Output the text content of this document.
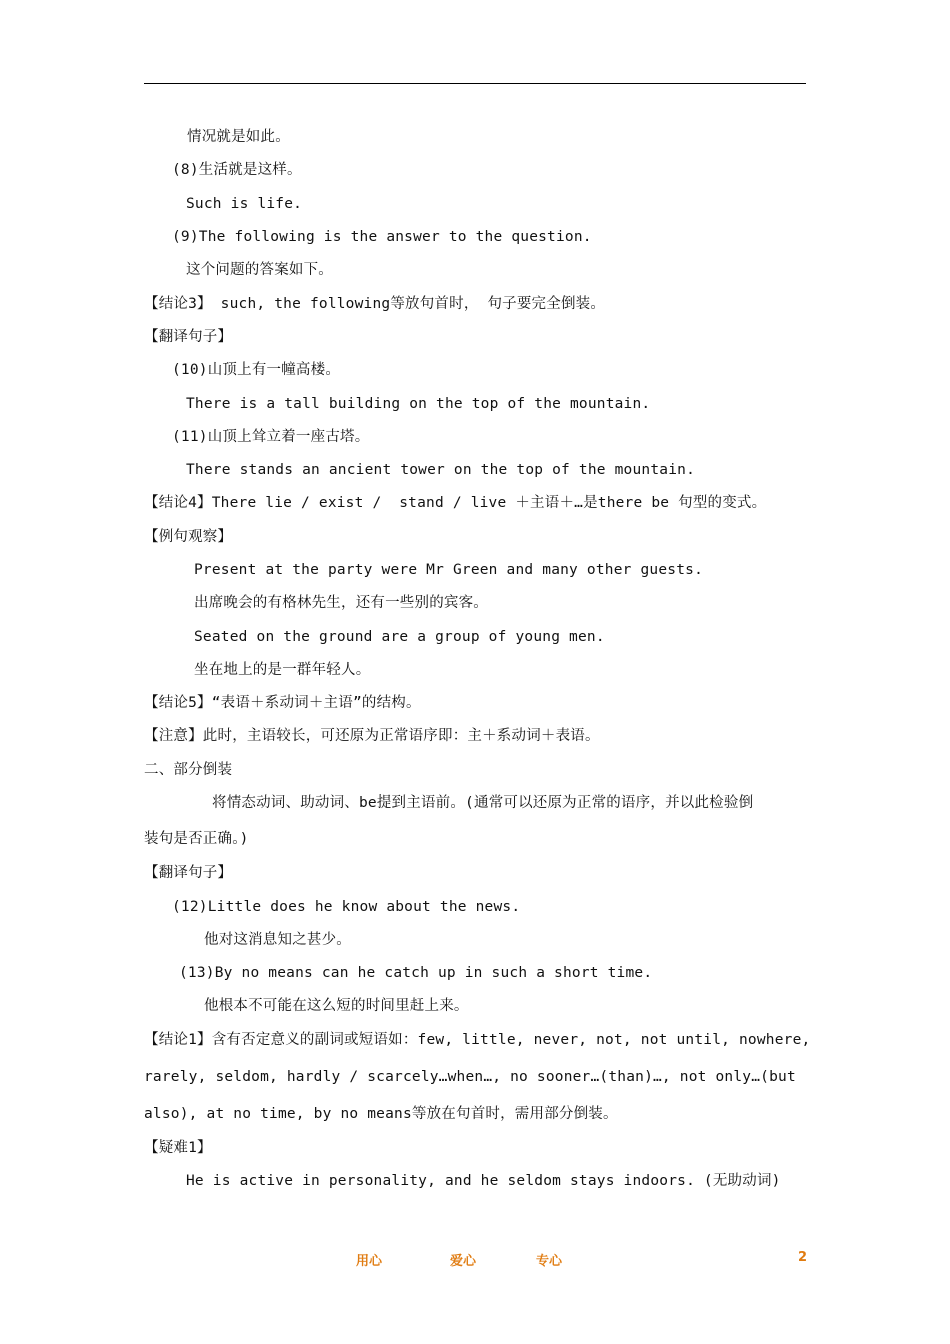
情况就是如此。
(8)生活就是这样。
Such is life.
(9)The following is the answer to the question.
这个问题的答案如下。
【结论3】 such, the following等放句首时， 句子要完全倒装。
【翻译句子】
(10)山顶上有一幢高楼。
There is a tall building on the top of the mountain.
(11)山顶上耸立着一座古塔。
There stands an ancient tower on the top of the mountain.
【结论4】There lie / exist /  stand / live ＋主语＋…是there be 句型的变式。
【例句观察】
Present at the party were Mr Green and many other guests.
出席晚会的有格林先生，还有一些别的宾客。
Seated on the ground are a group of young men.
坐在地上的是一群年轻人。
【结论5】“表语＋系动词＋主语”的结构。
【注意】此时，主语较长，可还原为正常语序即：主＋系动词＋表语。
二、部分倒装
将情态动词、助动词、be提到主语前。(通常可以还原为正常的语序，并以此检验倒
装句是否正确。)
【翻译句子】
(12)Little does he know about the news.
他对这消息知之甚少。
(13)By no means can he catch up in such a short time.
他根本不可能在这么短的时间里赶上来。
【结论1】含有否定意义的副词或短语如：few, little, never, not, not until, nowhere,
rarely, seldom, hardly / scarcely…when…, no sooner…(than)…, not only…(but
also), at no time, by no means等放在句首时，需用部分倒装。
【疑难1】
He is active in personality, and he seldom stays indoors. (无助动词)
用心	爱心	专心	2
